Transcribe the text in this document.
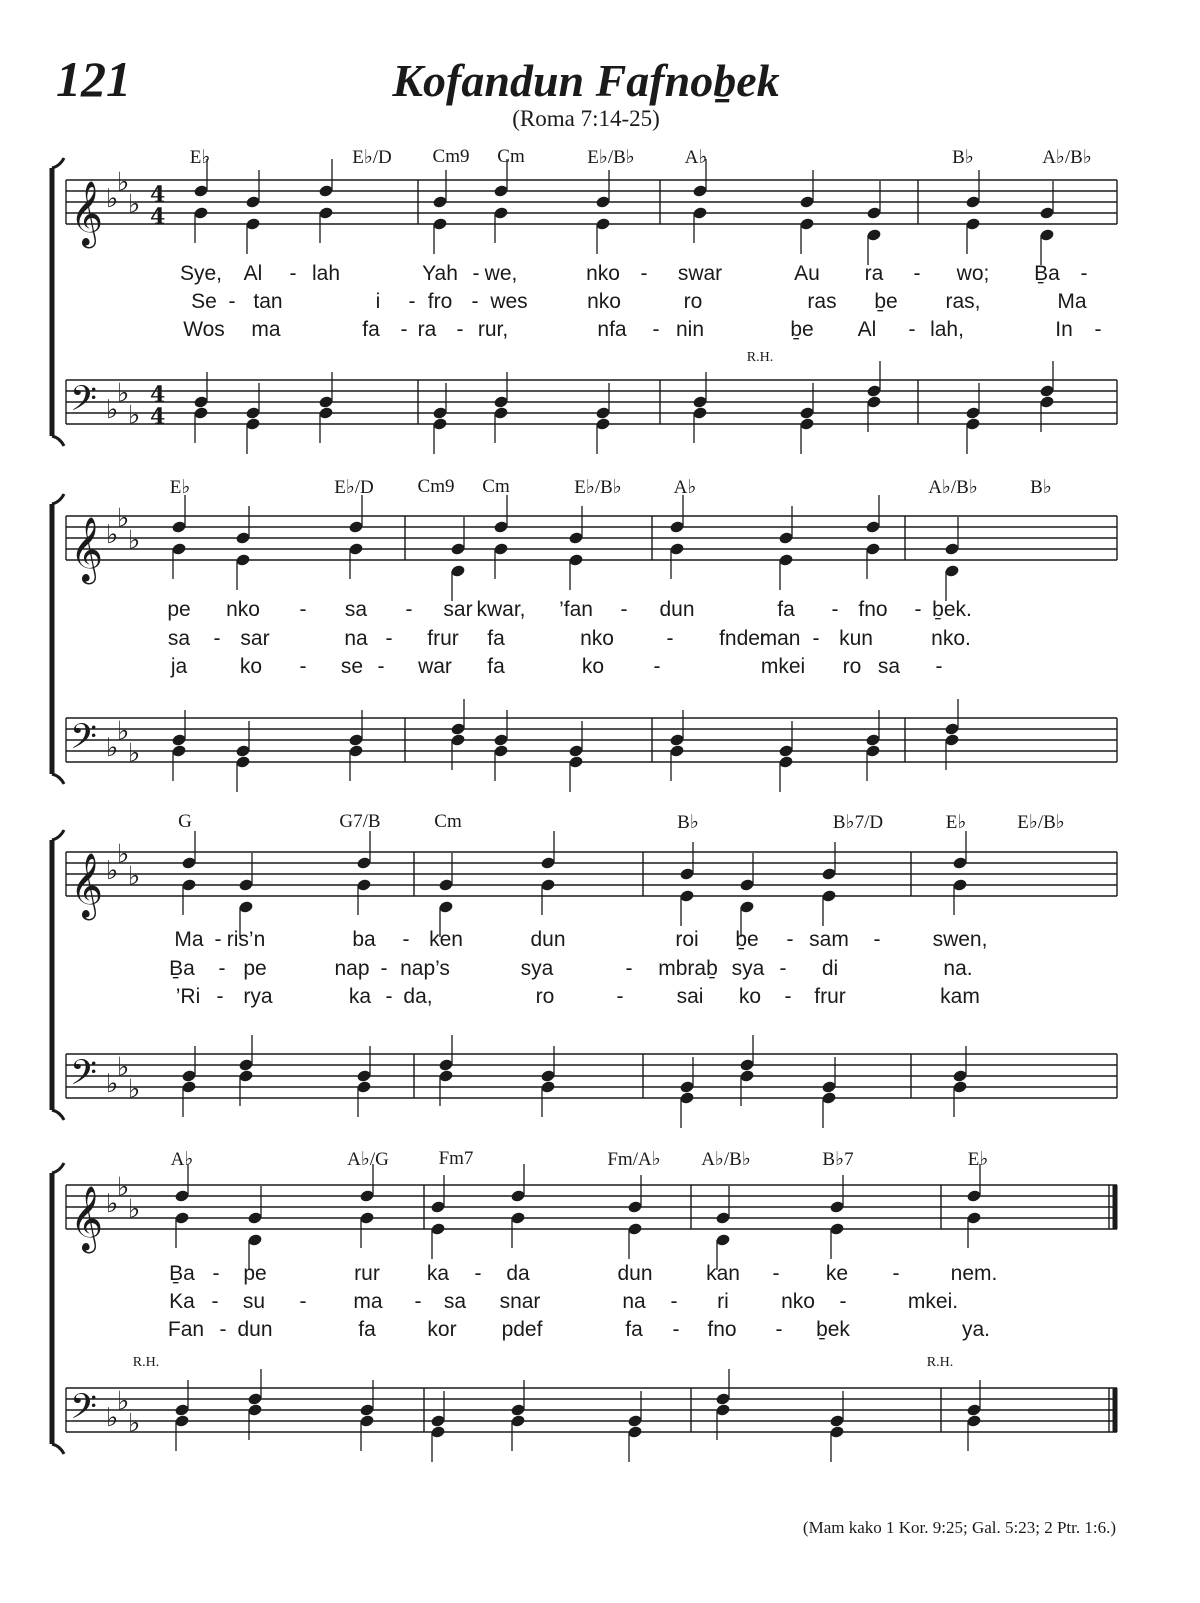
121	Kofandun Fafnoḇek
(Roma 7:14-25)
𝄞
𝄢
♭
♭
♭
♭
♭
♭
4
4
4
4
𝄞
𝄢
♭
♭
♭
♭
♭
♭
𝄞
𝄢
♭
♭
♭
♭
♭
♭
𝄞
𝄢
♭
♭
♭
♭
♭
♭
E♭	E♭/D Cm9 Cm	E♭/B♭	A♭	B♭	A♭/B♭
Sye, Al - lah	Yah - we,	nko - swar	Au ra - wo; Ḇa -
Se - tan	i - fro - wes	nko	ro	ras ḇe ras,	Ma
Wos ma	fa - ra - rur,	nfa - nin	ḇe Al - lah,	In -
R.H.
E♭	E♭/D Cm9 Cm	E♭/B♭	A♭	A♭/B♭	B♭
pe nko - sa - sar kwar, ’fan - dun	fa - fno - ḇek.
sa - sar	na - frur fa	nko	- fnder
man - kun	nko.
ja	ko - se - war fa	ko -	mkei ro sa -
G	G7/B	Cm	B♭	B♭7/D	E♭	E♭/B♭
Ma - ris’n	ba - ken	dun	roi ḇe - sam - swen,
Ḇa - pe	nap - nap’s	sya	- mbraḇ sya - di	na.
’Ri - rya	ka - da,	ro	-	sai ko - frur	kam
A♭	A♭/G	Fm7	Fm/A♭ A♭/B♭	B♭7	E♭
Ḇa - pe	rur ka - da	dun	kan - ke - nem.
Ka - su - ma - sa snar	na - ri nko -	mkei.
Fan - dun	fa kor pdef	fa - fno - ḇek	ya.
R.H.	R.H.
(Mam kako 1 Kor. 9:25; Gal. 5:23; 2 Ptr. 1:6.)
